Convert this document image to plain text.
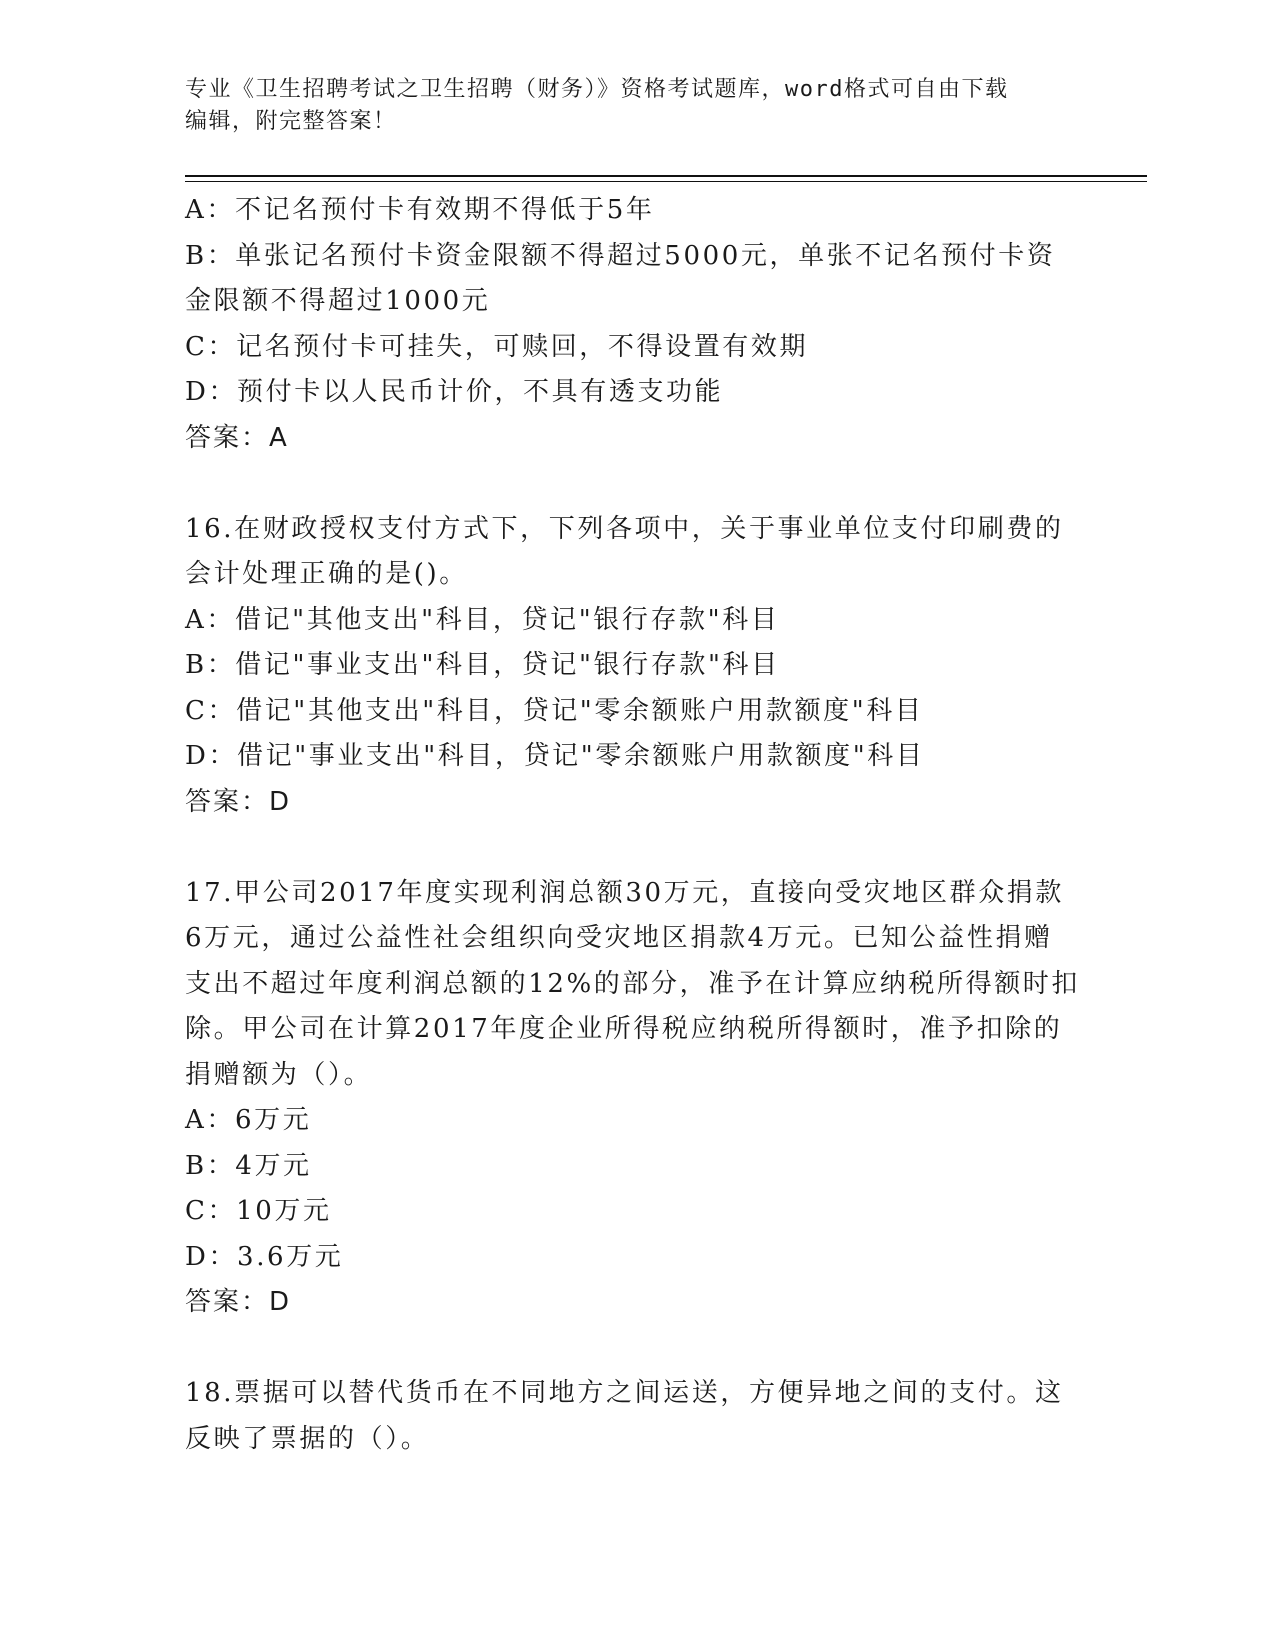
专业《卫生招聘考试之卫生招聘（财务）》资格考试题库，word格式可自由下载
编辑，附完整答案！
A：不记名预付卡有效期不得低于5年
B：单张记名预付卡资金限额不得超过5000元，单张不记名预付卡资
金限额不得超过1000元
C：记名预付卡可挂失，可赎回，不得设置有效期
D：预付卡以人民币计价，不具有透支功能
答案：A
16.在财政授权支付方式下，下列各项中，关于事业单位支付印刷费的
会计处理正确的是()。
A：借记"其他支出"科目，贷记"银行存款"科目
B：借记"事业支出"科目，贷记"银行存款"科目
C：借记"其他支出"科目，贷记"零余额账户用款额度"科目
D：借记"事业支出"科目，贷记"零余额账户用款额度"科目
答案：D
17.甲公司2017年度实现利润总额30万元，直接向受灾地区群众捐款
6万元，通过公益性社会组织向受灾地区捐款4万元。已知公益性捐赠
支出不超过年度利润总额的12%的部分，准予在计算应纳税所得额时扣
除。甲公司在计算2017年度企业所得税应纳税所得额时，准予扣除的
捐赠额为（）。
A：6万元
B：4万元
C：10万元
D：3.6万元
答案：D
18.票据可以替代货币在不同地方之间运送，方便异地之间的支付。这
反映了票据的（）。
